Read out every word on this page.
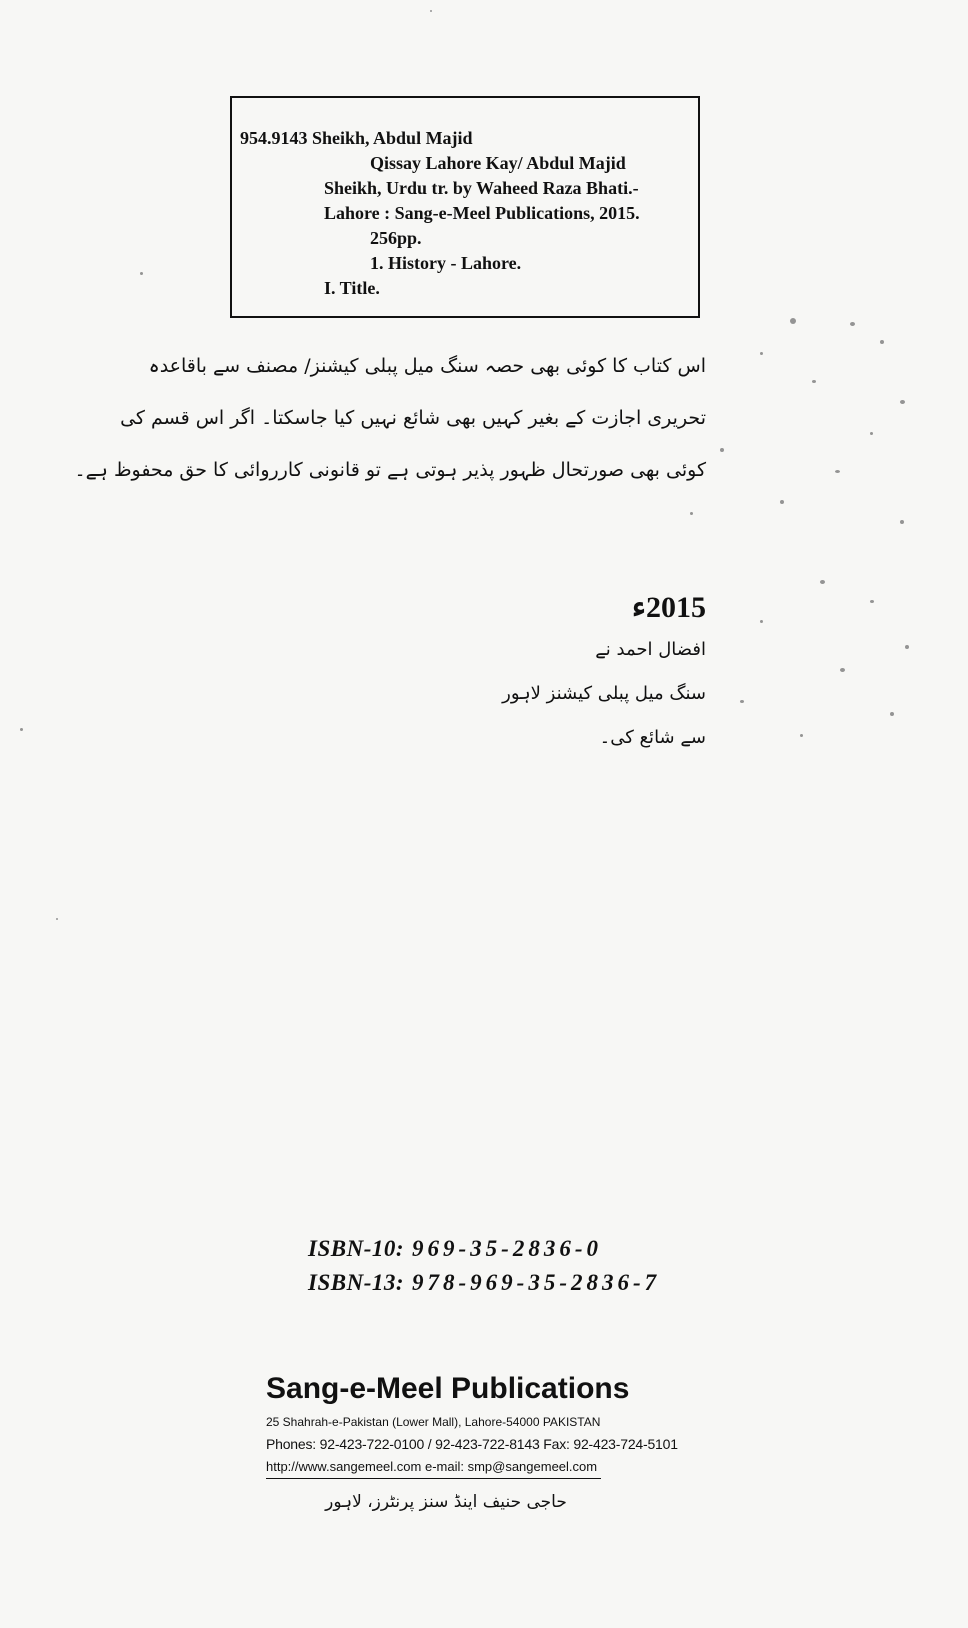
954.9143 Sheikh, Abdul Majid
Qissay Lahore Kay/ Abdul Majid
Sheikh, Urdu tr. by Waheed Raza Bhati.-
Lahore : Sang-e-Meel Publications, 2015.
256pp.
1. History - Lahore.
I. Title.
اس کتاب کا کوئی بھی حصہ سنگ میل پبلی کیشنز/ مصنف سے باقاعدہ
تحریری اجازت کے بغیر کہیں بھی شائع نہیں کیا جاسکتا۔ اگر اس قسم کی
کوئی بھی صورتحال ظہور پذیر ہوتی ہے تو قانونی کارروائی کا حق محفوظ ہے۔
2015ء
افضال احمد نے
سنگ میل پبلی کیشنز لاہور
سے شائع کی۔
ISBN-10: 969-35-2836-0
ISBN-13: 978-969-35-2836-7
Sang-e-Meel Publications
25 Shahrah-e-Pakistan (Lower Mall), Lahore-54000 PAKISTAN
Phones: 92-423-722-0100 / 92-423-722-8143 Fax: 92-423-724-5101
http://www.sangemeel.com e-mail: smp@sangemeel.com
حاجی حنیف اینڈ سنز پرنٹرز، لاہور
